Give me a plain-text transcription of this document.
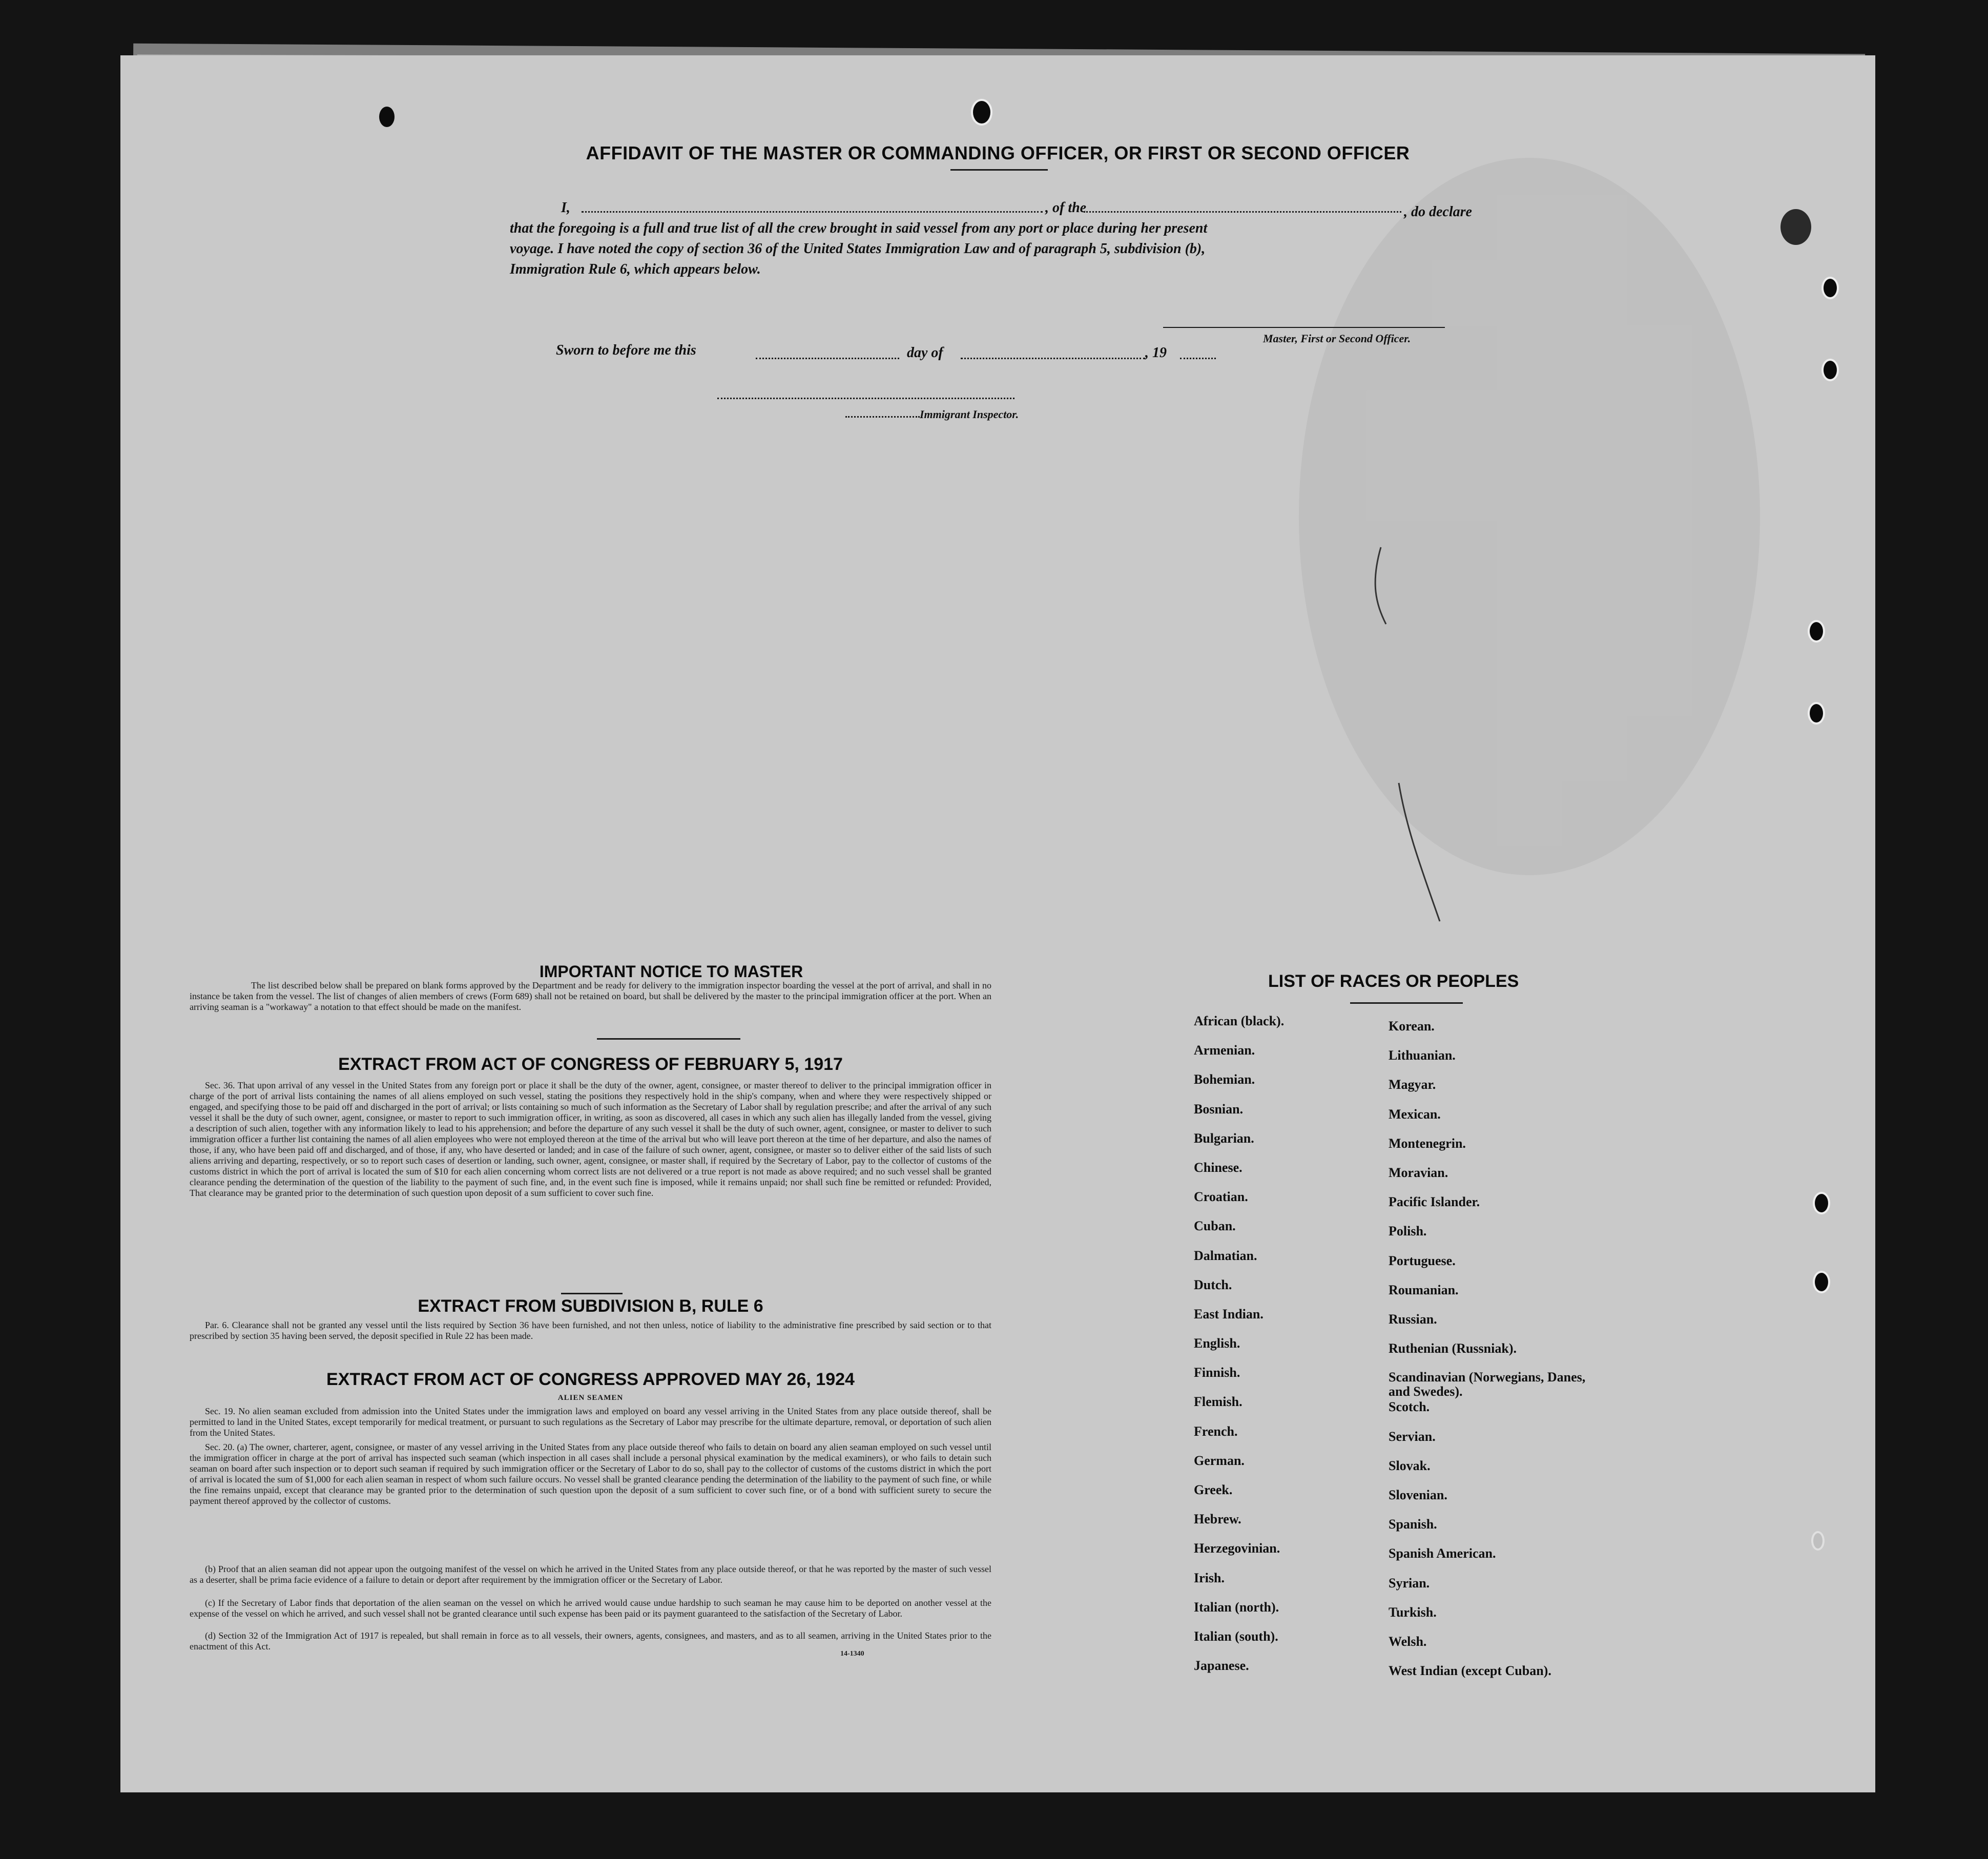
AFFIDAVIT OF THE MASTER OR COMMANDING OFFICER, OR FIRST OR SECOND OFFICER
I,	, of the	, do declare
that the foregoing is a full and true list of all the crew brought in said vessel from any port or place during her present
voyage. I have noted the copy of section 36 of the United States Immigration Law and of paragraph 5, subdivision (b),
Immigration Rule 6, which appears below.
Master, First or Second Officer.
Sworn to before me this	day of	, 19
Immigrant Inspector.
IMPORTANT NOTICE TO MASTER
The list described below shall be prepared on blank forms approved by the Department and be ready for delivery to the immigration inspector boarding the vessel at the port of arrival, and shall in no instance be taken from the vessel. The list of changes of alien members of crews (Form 689) shall not be retained on board, but shall be delivered by the master to the principal immigration officer at the port. When an arriving seaman is a "workaway" a notation to that effect should be made on the manifest.
EXTRACT FROM ACT OF CONGRESS OF FEBRUARY 5, 1917
Sec. 36. That upon arrival of any vessel in the United States from any foreign port or place it shall be the duty of the owner, agent, consignee, or master thereof to deliver to the principal immigration officer in charge of the port of arrival lists containing the names of all aliens employed on such vessel, stating the positions they respectively hold in the ship's company, when and where they were respectively shipped or engaged, and specifying those to be paid off and discharged in the port of arrival; or lists containing so much of such information as the Secretary of Labor shall by regulation prescribe; and after the arrival of any such vessel it shall be the duty of such owner, agent, consignee, or master to report to such immigration officer, in writing, as soon as discovered, all cases in which any such alien has illegally landed from the vessel, giving a description of such alien, together with any information likely to lead to his apprehension; and before the departure of any such vessel it shall be the duty of such owner, agent, consignee, or master to deliver to such immigration officer a further list containing the names of all alien employees who were not employed thereon at the time of the arrival but who will leave port thereon at the time of her departure, and also the names of those, if any, who have been paid off and discharged, and of those, if any, who have deserted or landed; and in case of the failure of such owner, agent, consignee, or master so to deliver either of the said lists of such aliens arriving and departing, respectively, or so to report such cases of desertion or landing, such owner, agent, consignee, or master shall, if required by the Secretary of Labor, pay to the collector of customs of the customs district in which the port of arrival is located the sum of $10 for each alien concerning whom correct lists are not delivered or a true report is not made as above required; and no such vessel shall be granted clearance pending the determination of the question of the liability to the payment of such fine, and, in the event such fine is imposed, while it remains unpaid; nor shall such fine be remitted or refunded: Provided, That clearance may be granted prior to the determination of such question upon deposit of a sum sufficient to cover such fine.
EXTRACT FROM SUBDIVISION B, RULE 6
Par. 6. Clearance shall not be granted any vessel until the lists required by Section 36 have been furnished, and not then unless, notice of liability to the administrative fine prescribed by said section or to that prescribed by section 35 having been served, the deposit specified in Rule 22 has been made.
EXTRACT FROM ACT OF CONGRESS APPROVED MAY 26, 1924
ALIEN SEAMEN
Sec. 19. No alien seaman excluded from admission into the United States under the immigration laws and employed on board any vessel arriving in the United States from any place outside thereof, shall be permitted to land in the United States, except temporarily for medical treatment, or pursuant to such regulations as the Secretary of Labor may prescribe for the ultimate departure, removal, or deportation of such alien from the United States.
Sec. 20. (a) The owner, charterer, agent, consignee, or master of any vessel arriving in the United States from any place outside thereof who fails to detain on board any alien seaman employed on such vessel until the immigration officer in charge at the port of arrival has inspected such seaman (which inspection in all cases shall include a personal physical examination by the medical examiners), or who fails to detain such seaman on board after such inspection or to deport such seaman if required by such immigration officer or the Secretary of Labor to do so, shall pay to the collector of customs of the customs district in which the port of arrival is located the sum of $1,000 for each alien seaman in respect of whom such failure occurs. No vessel shall be granted clearance pending the determination of the liability to the payment of such fine, or while the fine remains unpaid, except that clearance may be granted prior to the determination of such question upon the deposit of a sum sufficient to cover such fine, or of a bond with sufficient surety to secure the payment thereof approved by the collector of customs.
(b) Proof that an alien seaman did not appear upon the outgoing manifest of the vessel on which he arrived in the United States from any place outside thereof, or that he was reported by the master of such vessel as a deserter, shall be prima facie evidence of a failure to detain or deport after requirement by the immigration officer or the Secretary of Labor.
(c) If the Secretary of Labor finds that deportation of the alien seaman on the vessel on which he arrived would cause undue hardship to such seaman he may cause him to be deported on another vessel at the expense of the vessel on which he arrived, and such vessel shall not be granted clearance until such expense has been paid or its payment guaranteed to the satisfaction of the Secretary of Labor.
(d) Section 32 of the Immigration Act of 1917 is repealed, but shall remain in force as to all vessels, their owners, agents, consignees, and masters, and as to all seamen, arriving in the United States prior to the enactment of this Act.
14-1340
LIST OF RACES OR PEOPLES
African (black).
Armenian.
Bohemian.
Bosnian.
Bulgarian.
Chinese.
Croatian.
Cuban.
Dalmatian.
Dutch.
East Indian.
English.
Finnish.
Flemish.
French.
German.
Greek.
Hebrew.
Herzegovinian.
Irish.
Italian (north).
Italian (south).
Japanese.
Korean.
Lithuanian.
Magyar.
Mexican.
Montenegrin.
Moravian.
Pacific Islander.
Polish.
Portuguese.
Roumanian.
Russian.
Ruthenian (Russniak).
Scandinavian (Norwegians, Danes, and Swedes).
Scotch.
Servian.
Slovak.
Slovenian.
Spanish.
Spanish American.
Syrian.
Turkish.
Welsh.
West Indian (except Cuban).
